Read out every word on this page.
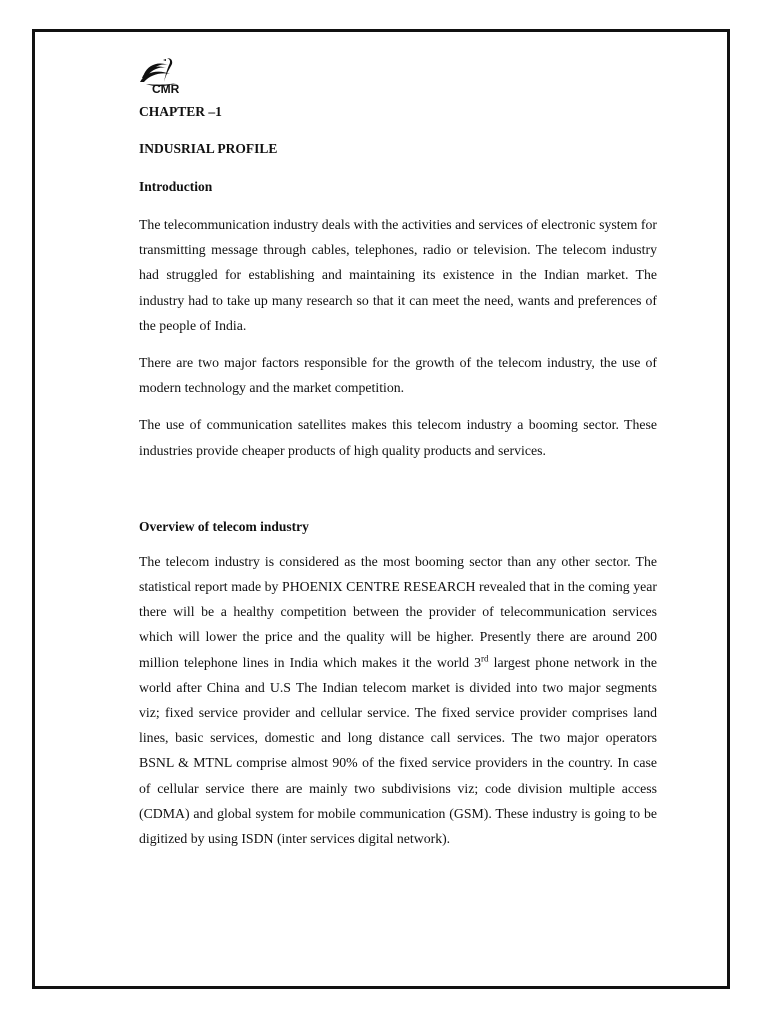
CMR

CHAPTER –1

INDUSRIAL PROFILE

Introduction

The telecommunication industry deals with the activities and services of electronic system for transmitting message through cables, telephones, radio or television. The telecom industry had struggled for establishing and maintaining its existence in the Indian market. The industry had to take up many research so that it can meet the need, wants and preferences of the people of India.

There are two major factors responsible for the growth of the telecom industry, the use of modern technology and the market competition.

The use of communication satellites makes this telecom industry a booming sector. These industries provide cheaper products of high quality products and services.

Overview of telecom industry

The telecom industry is considered as the most booming sector than any other sector. The statistical report made by PHOENIX CENTRE RESEARCH revealed that in the coming year there will be a healthy competition between the provider of telecommunication services which will lower the price and the quality will be higher. Presently there are around 200 million telephone lines in India which makes it the world 3rd largest phone network in the world after China and U.S The Indian telecom market is divided into two major segments viz; fixed service provider and cellular service. The fixed service provider comprises land lines, basic services, domestic and long distance call services. The two major operators BSNL & MTNL comprise almost 90% of the fixed service providers in the country. In case of cellular service there are mainly two subdivisions viz; code division multiple access (CDMA) and global system for mobile communication (GSM). These industry is going to be digitized by using ISDN (inter services digital network).
